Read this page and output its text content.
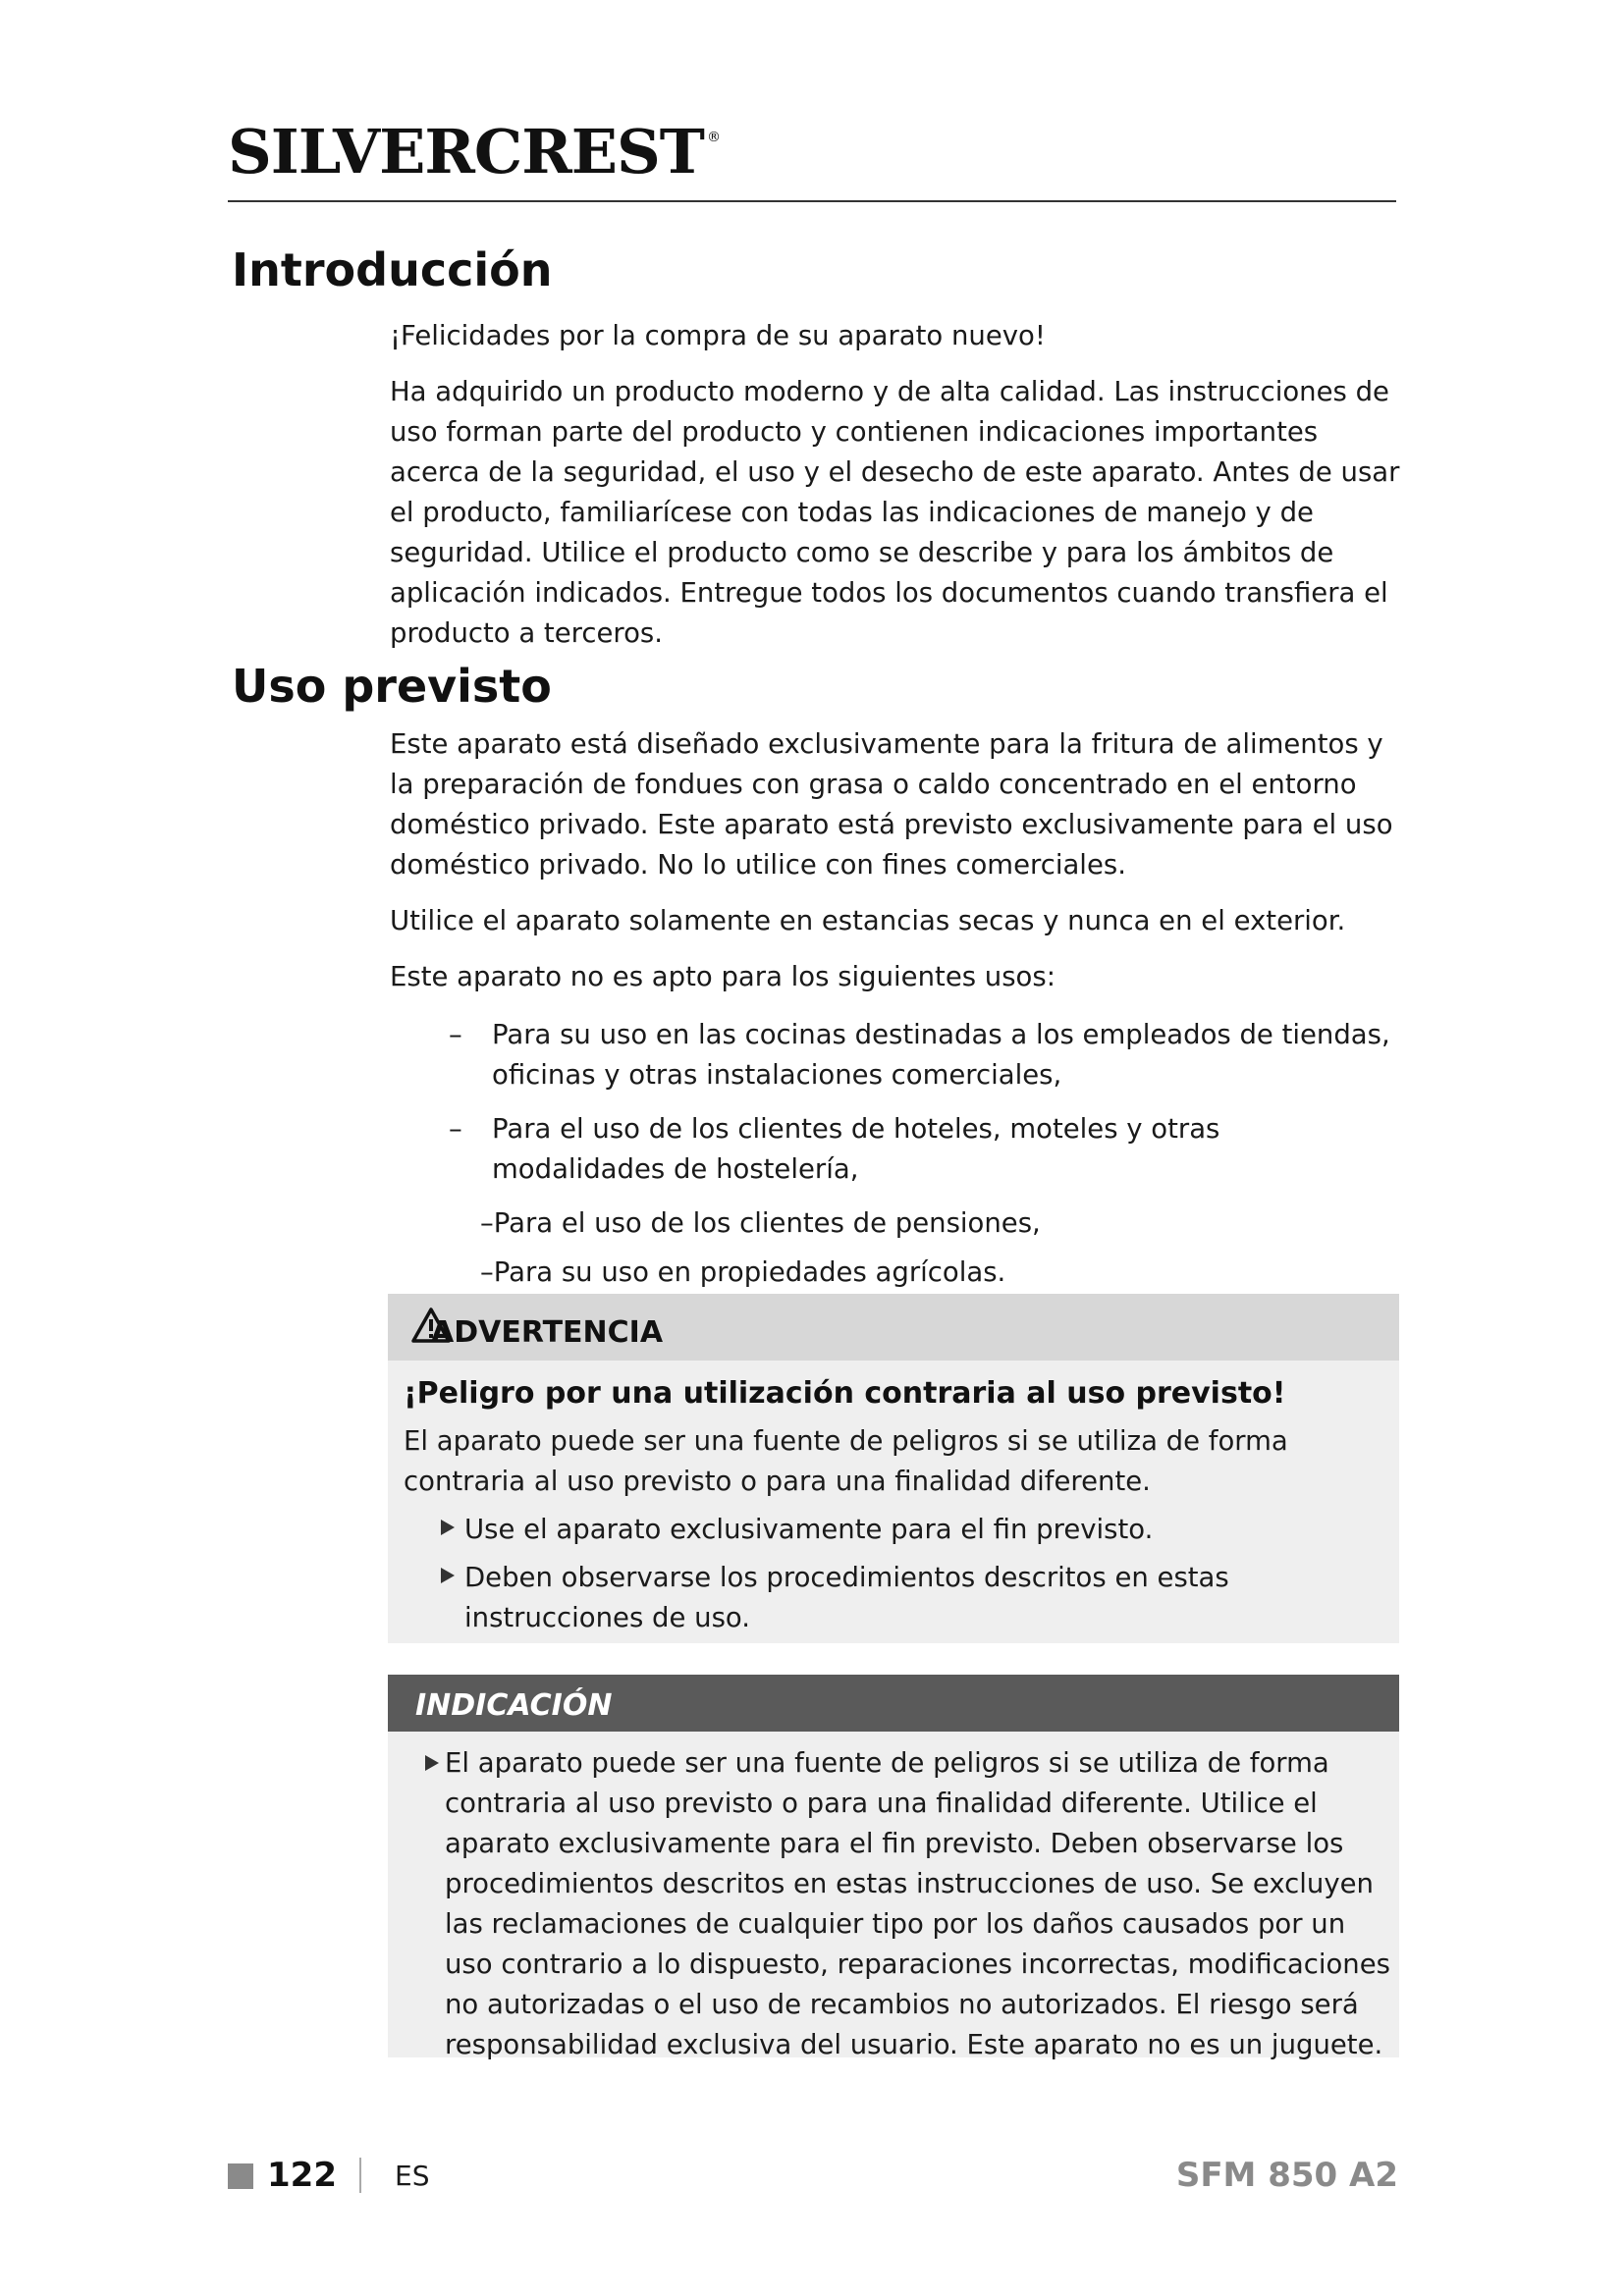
SILVERCREST ®
Introducción

¡Felicidades por la compra de su aparato nuevo!

Ha adquirido un producto moderno y de alta calidad. Las instrucciones de uso forman parte del producto y contienen indicaciones importantes acerca de la seguridad, el uso y el desecho de este aparato. Antes de usar el producto, familiarícese con todas las indicaciones de manejo y de seguridad. Utilice el producto como se describe y para los ámbitos de aplicación indicados. Entregue todos los documentos cuando transfiera el producto a terceros.

Uso previsto

Este aparato está diseñado exclusivamente para la fritura de alimentos y la preparación de fondues con grasa o caldo concentrado en el entorno doméstico privado. Este aparato está previsto exclusivamente para el uso doméstico privado. No lo utilice con fines comerciales.

Utilice el aparato solamente en estancias secas y nunca en el exterior.

Este aparato no es apto para los siguientes usos:

– Para su uso en las cocinas destinadas a los empleados de tiendas, oficinas y otras instalaciones comerciales,
– Para el uso de los clientes de hoteles, moteles y otras modalidades de hostelería,
–Para el uso de los clientes de pensiones,
–Para su uso en propiedades agrícolas.
ADVERTENCIA
¡Peligro por una utilización contraria al uso previsto!
El aparato puede ser una fuente de peligros si se utiliza de forma contraria al uso previsto o para una finalidad diferente.
Use el aparato exclusivamente para el fin previsto.
Deben observarse los procedimientos descritos en estas instrucciones de uso.
INDICACIÓN
El aparato puede ser una fuente de peligros si se utiliza de forma contraria al uso previsto o para una finalidad diferente. Utilice el aparato exclusivamente para el fin previsto. Deben observarse los procedimientos descritos en estas instrucciones de uso. Se excluyen las reclamaciones de cualquier tipo por los daños causados por un uso contrario a lo dispuesto, reparaciones incorrectas, modificaciones no autorizadas o el uso de recambios no autorizados. El riesgo será responsabilidad exclusiva del usuario. Este aparato no es un juguete.
122 ES	SFM 850 A2
